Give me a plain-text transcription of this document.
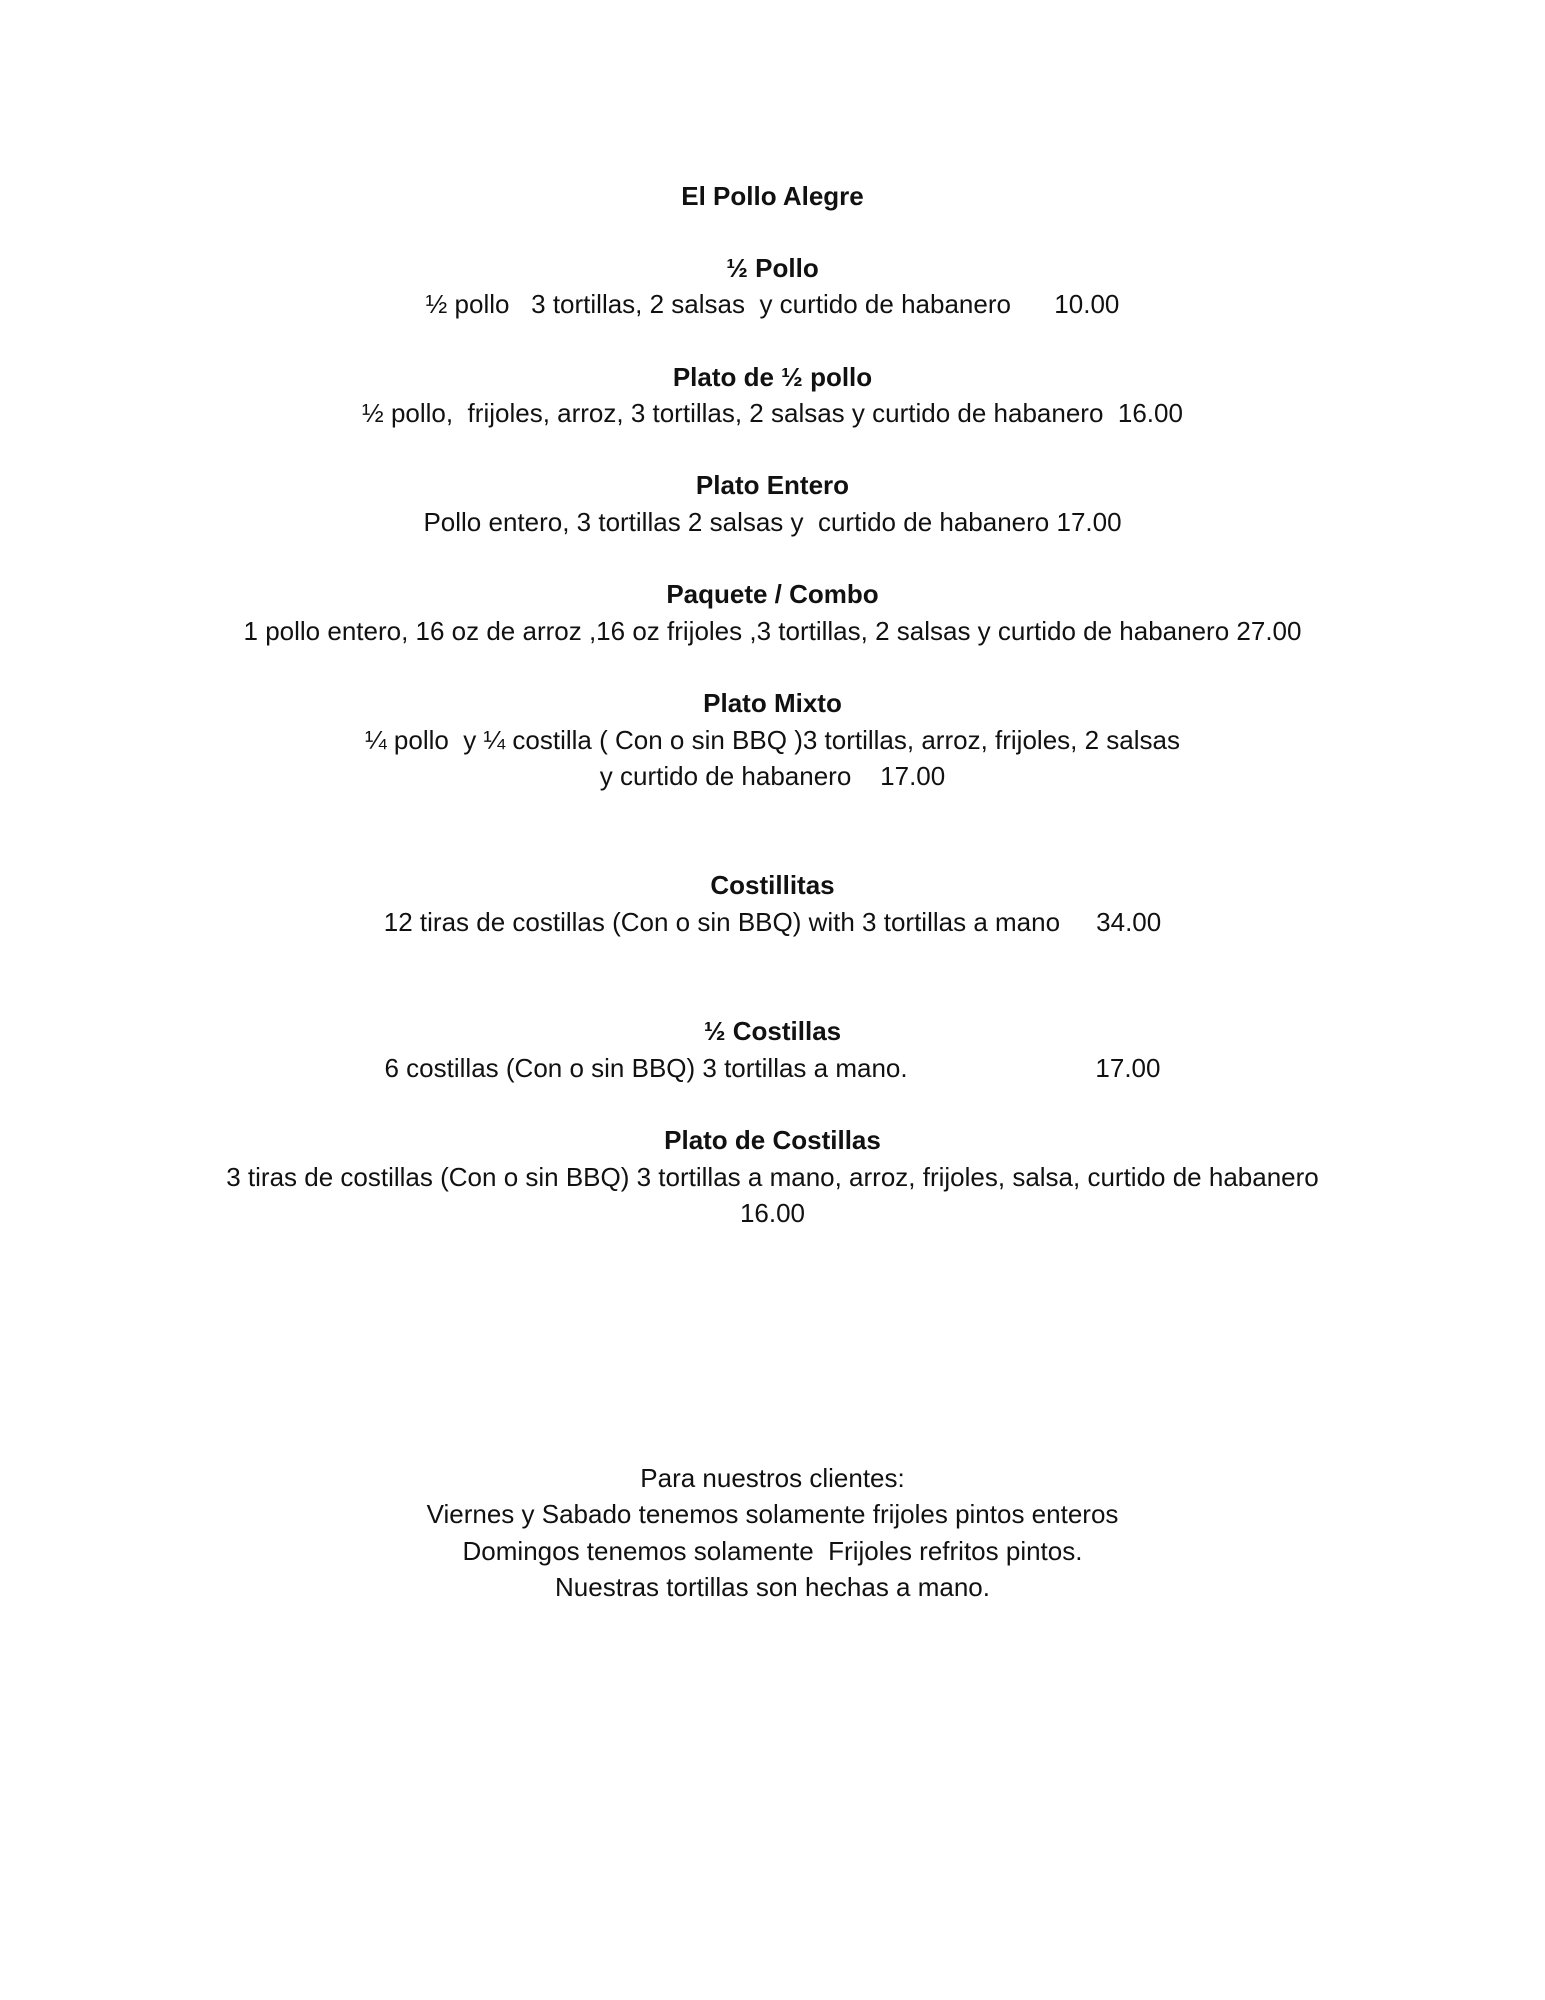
El Pollo Alegre
½ Pollo
½ pollo   3 tortillas, 2 salsas  y curtido de habanero      10.00
Plato de ½ pollo
½ pollo,  frijoles, arroz, 3 tortillas, 2 salsas y curtido de habanero  16.00
Plato Entero
Pollo entero, 3 tortillas 2 salsas y  curtido de habanero 17.00
Paquete / Combo
1 pollo entero, 16 oz de arroz ,16 oz frijoles ,3 tortillas, 2 salsas y curtido de habanero 27.00
Plato Mixto
¼ pollo  y ¼ costilla ( Con o sin BBQ )3 tortillas, arroz, frijoles, 2 salsas
y curtido de habanero    17.00
Costillitas
12 tiras de costillas (Con o sin BBQ) with 3 tortillas a mano     34.00
½ Costillas
6 costillas (Con o sin BBQ) 3 tortillas a mano.                          17.00
Plato de Costillas
3 tiras de costillas (Con o sin BBQ) 3 tortillas a mano, arroz, frijoles, salsa, curtido de habanero
16.00
Para nuestros clientes:
Viernes y Sabado tenemos solamente frijoles pintos enteros
Domingos tenemos solamente  Frijoles refritos pintos.
Nuestras tortillas son hechas a mano.
